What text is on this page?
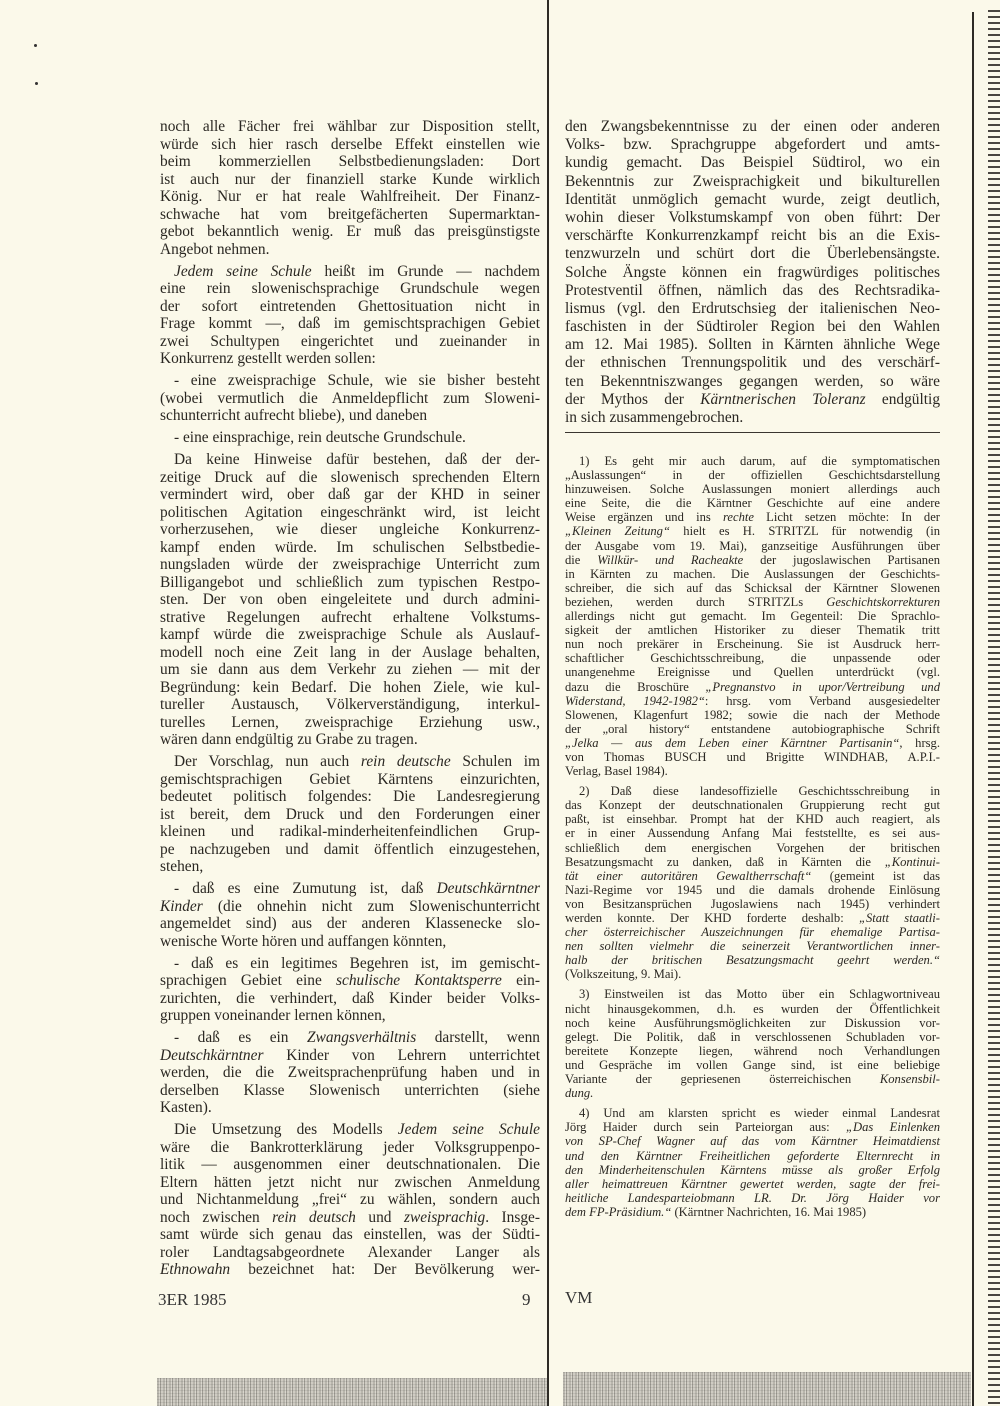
noch alle Fächer frei wählbar zur Disposition stellt,
würde sich hier rasch derselbe Effekt einstellen wie
beim kommerziellen Selbstbedienungsladen: Dort
ist auch nur der finanziell starke Kunde wirklich
König. Nur er hat reale Wahlfreiheit. Der Finanz-
schwache hat vom breitgefächerten Supermarktan-
gebot bekanntlich wenig. Er muß das preisgünstigste
Angebot nehmen.
Jedem seine Schule heißt im Grunde — nachdem
eine rein slowenischsprachige Grundschule wegen
der sofort eintretenden Ghettosituation nicht in
Frage kommt —, daß im gemischtsprachigen Gebiet
zwei Schultypen eingerichtet und zueinander in
Konkurrenz gestellt werden sollen:
- eine zweisprachige Schule, wie sie bisher besteht
(wobei vermutlich die Anmeldepflicht zum Sloweni-
schunterricht aufrecht bliebe), und daneben
- eine einsprachige, rein deutsche Grundschule.
Da keine Hinweise dafür bestehen, daß der der-
zeitige Druck auf die slowenisch sprechenden Eltern
vermindert wird, ober daß gar der KHD in seiner
politischen Agitation eingeschränkt wird, ist leicht
vorherzusehen, wie dieser ungleiche Konkurrenz-
kampf enden würde. Im schulischen Selbstbedie-
nungsladen würde der zweisprachige Unterricht zum
Billigangebot und schließlich zum typischen Restpo-
sten. Der von oben eingeleitete und durch admini-
strative Regelungen aufrecht erhaltene Volkstums-
kampf würde die zweisprachige Schule als Auslauf-
modell noch eine Zeit lang in der Auslage behalten,
um sie dann aus dem Verkehr zu ziehen — mit der
Begründung: kein Bedarf. Die hohen Ziele, wie kul-
tureller Austausch, Völkerverständigung, interkul-
turelles Lernen, zweisprachige Erziehung usw.,
wären dann endgültig zu Grabe zu tragen.
Der Vorschlag, nun auch rein deutsche Schulen im
gemischtsprachigen Gebiet Kärntens einzurichten,
bedeutet politisch folgendes: Die Landesregierung
ist bereit, dem Druck und den Forderungen einer
kleinen und radikal-minderheitenfeindlichen Grup-
pe nachzugeben und damit öffentlich einzugestehen,
stehen,
- daß es eine Zumutung ist, daß Deutschkärntner
Kinder (die ohnehin nicht zum Slowenischunterricht
angemeldet sind) aus der anderen Klassenecke slo-
wenische Worte hören und auffangen könnten,
- daß es ein legitimes Begehren ist, im gemischt-
sprachigen Gebiet eine schulische Kontaktsperre ein-
zurichten, die verhindert, daß Kinder beider Volks-
gruppen voneinander lernen können,
- daß es ein Zwangsverhältnis darstellt, wenn
Deutschkärntner Kinder von Lehrern unterrichtet
werden, die die Zweitsprachenprüfung haben und in
derselben Klasse Slowenisch unterrichten (siehe
Kasten).
Die Umsetzung des Modells Jedem seine Schule
wäre die Bankrotterklärung jeder Volksgruppenpo-
litik — ausgenommen einer deutschnationalen. Die
Eltern hätten jetzt nicht nur zwischen Anmeldung
und Nichtanmeldung „frei“ zu wählen, sondern auch
noch zwischen rein deutsch und zweisprachig. Insge-
samt würde sich genau das einstellen, was der Südti-
roler Landtagsabgeordnete Alexander Langer als
Ethnowahn bezeichnet hat: Der Bevölkerung wer-
den Zwangsbekenntnisse zu der einen oder anderen
Volks- bzw. Sprachgruppe abgefordert und amts-
kundig gemacht. Das Beispiel Südtirol, wo ein
Bekenntnis zur Zweisprachigkeit und bikulturellen
Identität unmöglich gemacht wurde, zeigt deutlich,
wohin dieser Volkstumskampf von oben führt: Der
verschärfte Konkurrenzkampf reicht bis an die Exis-
tenzwurzeln und schürt dort die Überlebensängste.
Solche Ängste können ein fragwürdiges politisches
Protestventil öffnen, nämlich das des Rechtsradika-
lismus (vgl. den Erdrutschsieg der italienischen Neo-
faschisten in der Südtiroler Region bei den Wahlen
am 12. Mai 1985). Sollten in Kärnten ähnliche Wege
der ethnischen Trennungspolitik und des verschärf-
ten Bekenntniszwanges gegangen werden, so wäre
der Mythos der Kärntnerischen Toleranz endgültig
in sich zusammengebrochen.
1) Es geht mir auch darum, auf die symptomatischen
„Auslassungen“ in der offiziellen Geschichtsdarstellung
hinzuweisen. Solche Auslassungen moniert allerdings auch
eine Seite, die die Kärntner Geschichte auf eine andere
Weise ergänzen und ins rechte Licht setzen möchte: In der
„Kleinen Zeitung“ hielt es H. STRITZL für notwendig (in
der Ausgabe vom 19. Mai), ganzseitige Ausführungen über
die Willkür- und Racheakte der jugoslawischen Partisanen
in Kärnten zu machen. Die Auslassungen der Geschichts-
schreiber, die sich auf das Schicksal der Kärntner Slowenen
beziehen, werden durch STRITZLs Geschichtskorrekturen
allerdings nicht gut gemacht. Im Gegenteil: Die Sprachlo-
sigkeit der amtlichen Historiker zu dieser Thematik tritt
nun noch prekärer in Erscheinung. Sie ist Ausdruck herr-
schaftlicher Geschichtsschreibung, die unpassende oder
unangenehme Ereignisse und Quellen unterdrückt (vgl.
dazu die Broschüre „Pregnanstvo in upor/Vertreibung und
Widerstand, 1942-1982“: hrsg. vom Verband ausgesiedelter
Slowenen, Klagenfurt 1982; sowie die nach der Methode
der „oral history“ entstandene autobiographische Schrift
„Jelka — aus dem Leben einer Kärntner Partisanin“, hrsg.
von Thomas BUSCH und Brigitte WINDHAB, A.P.I.-
Verlag, Basel 1984).
2) Daß diese landesoffizielle Geschichtsschreibung in
das Konzept der deutschnationalen Gruppierung recht gut
paßt, ist einsehbar. Prompt hat der KHD auch reagiert, als
er in einer Aussendung Anfang Mai feststellte, es sei aus-
schließlich dem energischen Vorgehen der britischen
Besatzungsmacht zu danken, daß in Kärnten die „Kontinui-
tät einer autoritären Gewaltherrschaft“ (gemeint ist das
Nazi-Regime vor 1945 und die damals drohende Einlösung
von Besitzansprüchen Jugoslawiens nach 1945) verhindert
werden konnte. Der KHD forderte deshalb: „Statt staatli-
cher österreichischer Auszeichnungen für ehemalige Partisa-
nen sollten vielmehr die seinerzeit Verantwortlichen inner-
halb der britischen Besatzungsmacht geehrt werden.“
(Volkszeitung, 9. Mai).
3) Einstweilen ist das Motto über ein Schlagwortniveau
nicht hinausgekommen, d.h. es wurden der Öffentlichkeit
noch keine Ausführungsmöglichkeiten zur Diskussion vor-
gelegt. Die Politik, daß in verschlossenen Schubladen vor-
bereitete Konzepte liegen, während noch Verhandlungen
und Gespräche im vollen Gange sind, ist eine beliebige
Variante der gepriesenen österreichischen Konsensbil-
dung.
4) Und am klarsten spricht es wieder einmal Landesrat
Jörg Haider durch sein Parteiorgan aus: „Das Einlenken
von SP-Chef Wagner auf das vom Kärntner Heimatdienst
und den Kärntner Freiheitlichen geforderte Elternrecht in
den Minderheitenschulen Kärntens müsse als großer Erfolg
aller heimattreuen Kärntner gewertet werden, sagte der frei-
heitliche Landesparteiobmann LR. Dr. Jörg Haider vor
dem FP-Präsidium.“ (Kärntner Nachrichten, 16. Mai 1985)
3ER 1985	9 VM
